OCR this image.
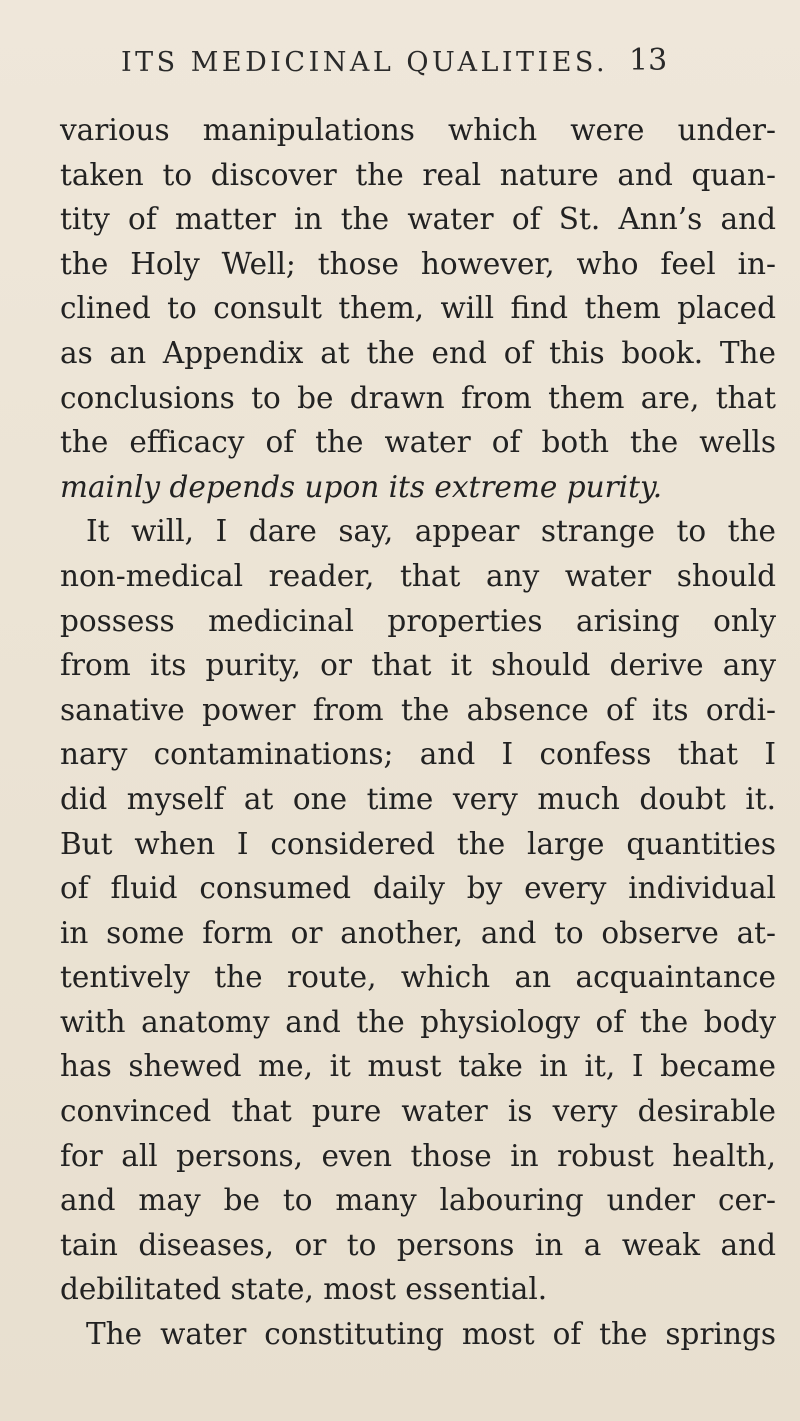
ITS MEDICINAL QUALITIES. 13
various manipulations which were under-
taken to discover the real nature and quan-
tity of matter in the water of St. Ann’s and
the Holy Well; those however, who feel in-
clined to consult them, will find them placed
as an Appendix at the end of this book. The
conclusions to be drawn from them are, that
the efficacy of the water of both the wells
mainly depends upon its extreme purity.
It will, I dare say, appear strange to the
non-medical reader, that any water should
possess medicinal properties arising only
from its purity, or that it should derive any
sanative power from the absence of its ordi-
nary contaminations; and I confess that I
did myself at one time very much doubt it.
But when I considered the large quantities
of fluid consumed daily by every individual
in some form or another, and to observe at-
tentively the route, which an acquaintance
with anatomy and the physiology of the body
has shewed me, it must take in it, I became
convinced that pure water is very desirable
for all persons, even those in robust health,
and may be to many labouring under cer-
tain diseases, or to persons in a weak and
debilitated state, most essential.
The water constituting most of the springs
